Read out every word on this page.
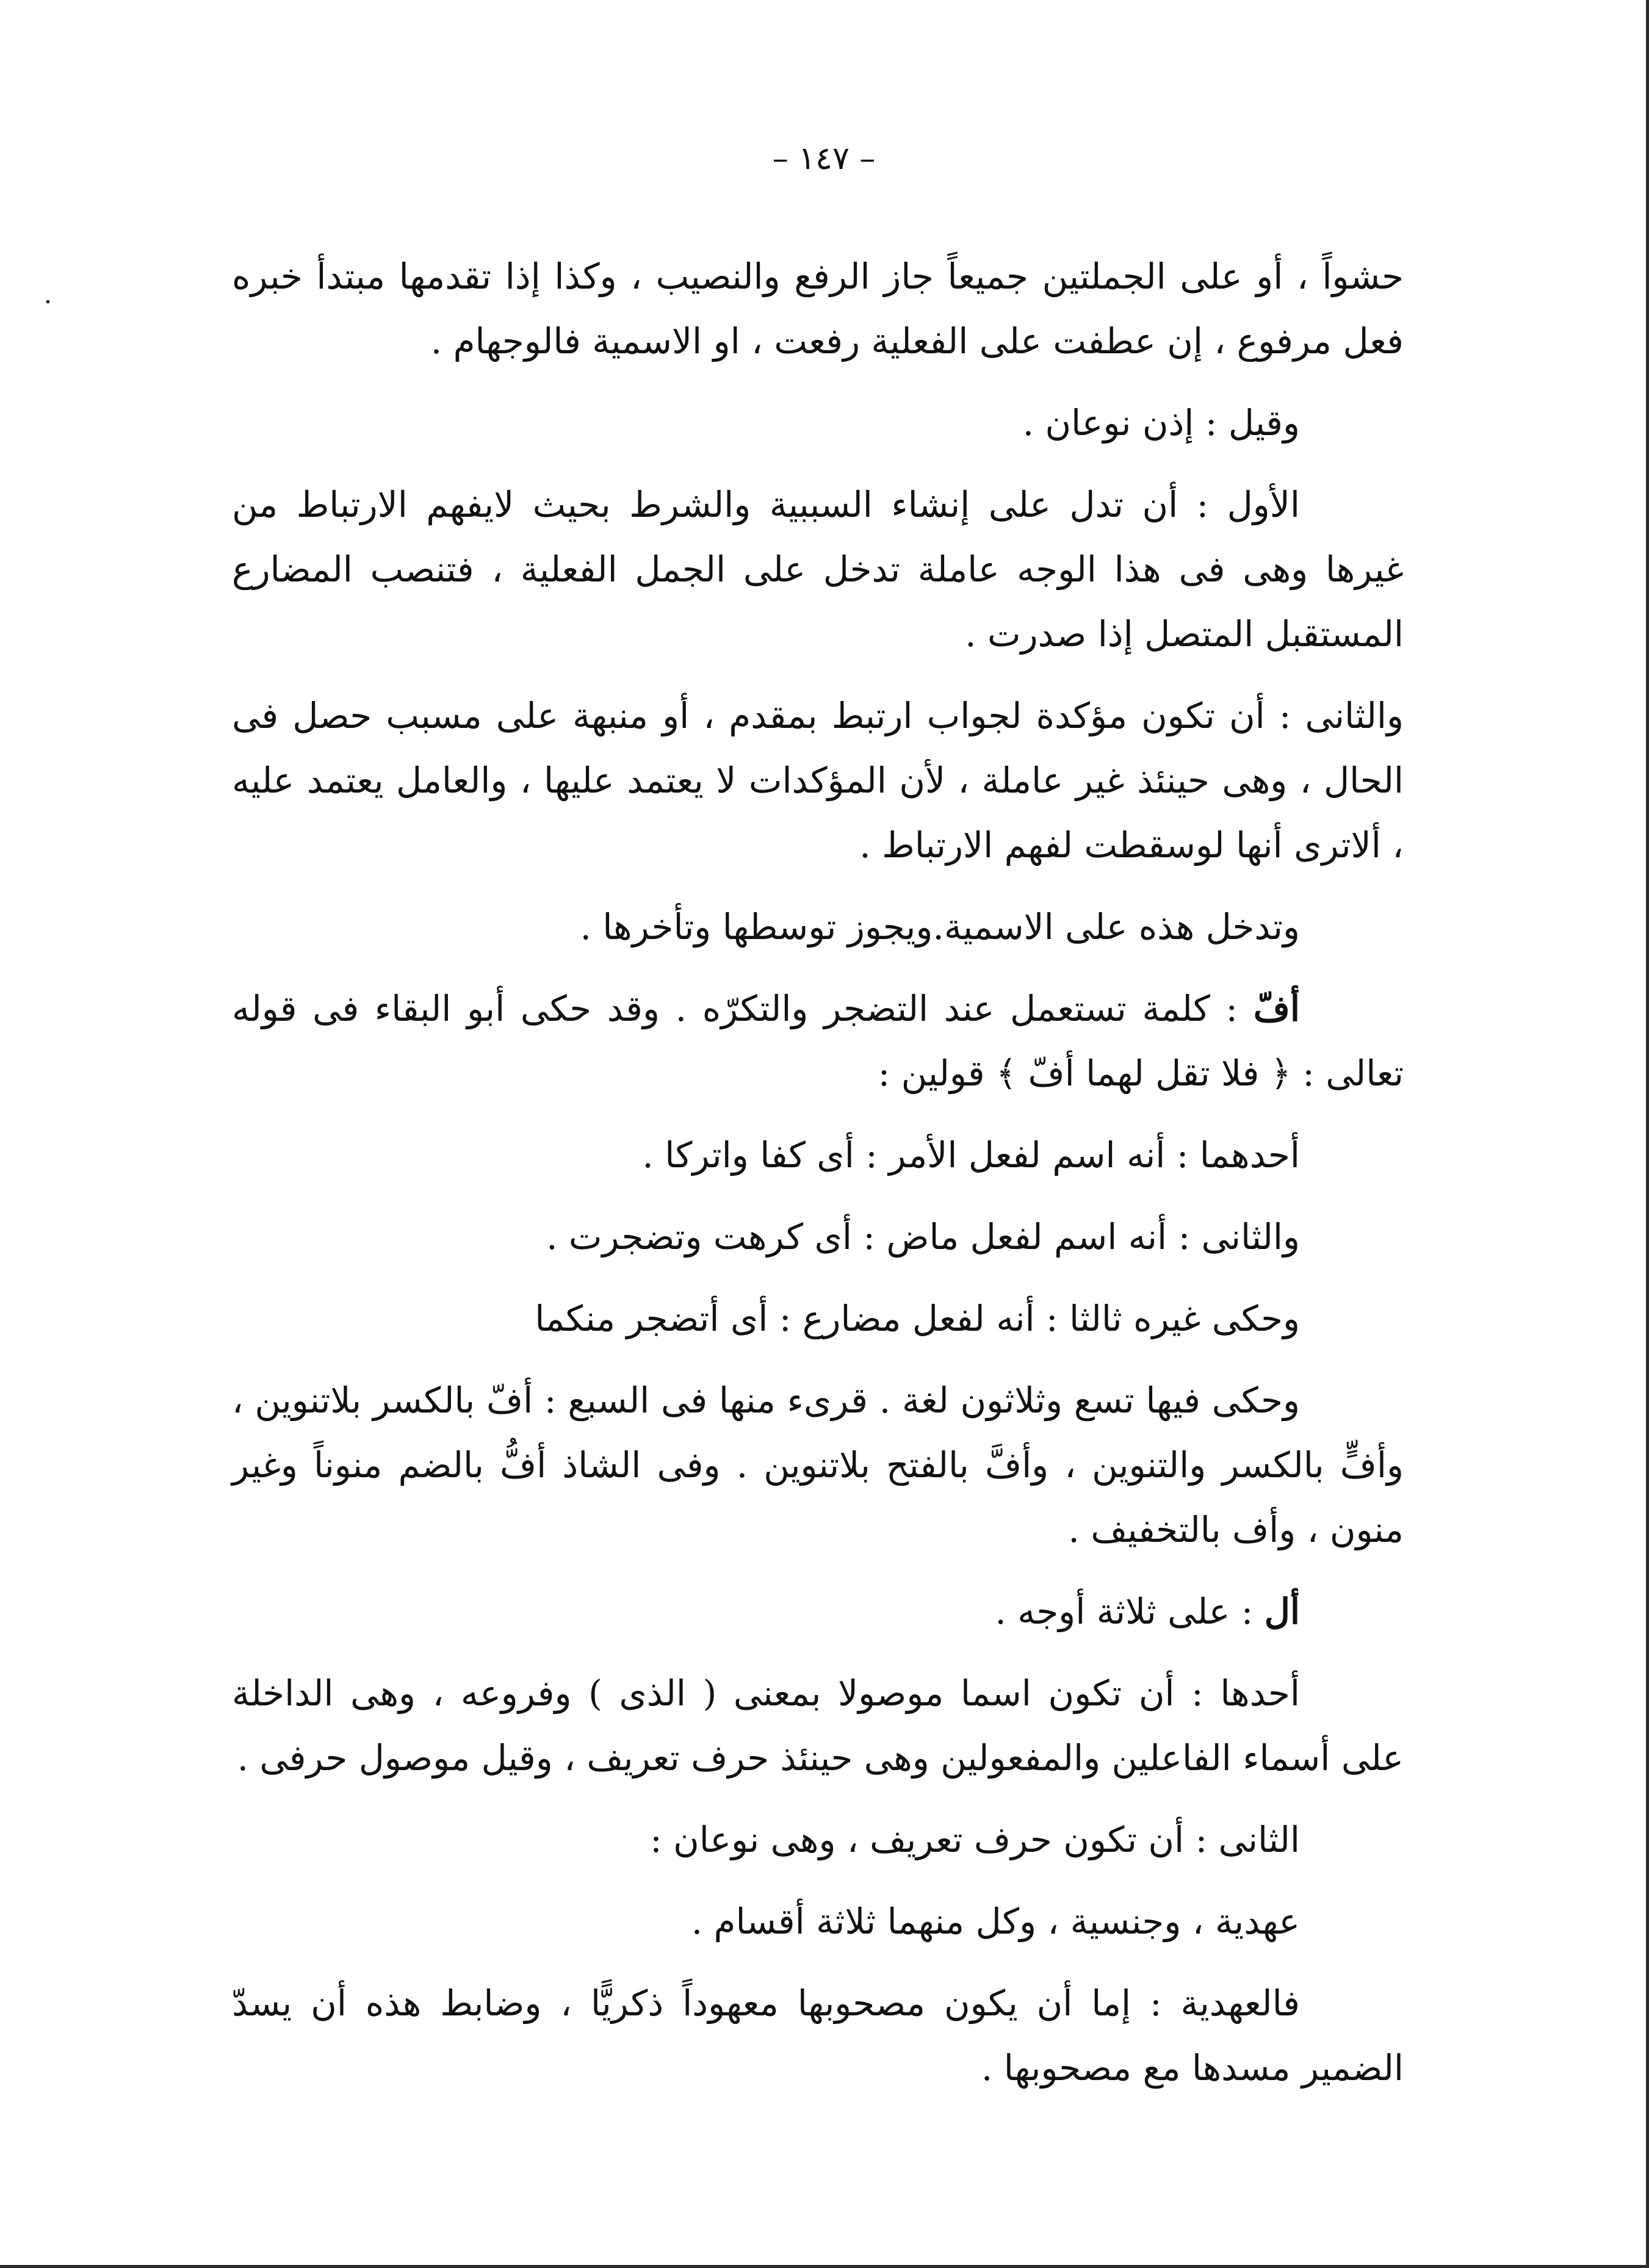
– ١٤٧ –

حشواً ، أو على الجملتين جميعاً جاز الرفع والنصيب ، وكذا إذا تقدمها مبتدأ خبره فعل مرفوع ، إن عطفت على الفعلية رفعت ، او الاسمية فالوجهام .

وقيل : إذن نوعان .

الأول : أن تدل على إنشاء السببية والشرط بحيث لايفهم الارتباط من غيرها وهى فى هذا الوجه عاملة تدخل على الجمل الفعلية ، فتنصب المضارع المستقبل المتصل إذا صدرت .

والثانى : أن تكون مؤكدة لجواب ارتبط بمقدم ، أو منبهة على مسبب حصل فى الحال ، وهى حينئذ غير عاملة ، لأن المؤكدات لا يعتمد عليها ، والعامل يعتمد عليه ، ألاترى أنها لوسقطت لفهم الارتباط .

وتدخل هذه على الاسمية.ويجوز توسطها وتأخرها .

أفّ : كلمة تستعمل عند التضجر والتكرّه . وقد حكى أبو البقاء فى قوله تعالى : ﴿ فلا تقل لهما أفّ ﴾ قولين :

أحدهما : أنه اسم لفعل الأمر : أى كفا واتركا .

والثانى : أنه اسم لفعل ماض : أى كرهت وتضجرت .

وحكى غيره ثالثا : أنه لفعل مضارع : أى أتضجر منكما

وحكى فيها تسع وثلاثون لغة . قرىء منها فى السبع : أفّ بالكسر بلاتنوين ، وأفٍّ بالكسر والتنوين ، وأفَّ بالفتح بلاتنوين . وفى الشاذ أفُّ بالضم منوناً وغير منون ، وأف بالتخفيف .

أل : على ثلاثة أوجه .

أحدها : أن تكون اسما موصولا بمعنى ( الذى ) وفروعه ، وهى الداخلة على أسماء الفاعلين والمفعولين وهى حينئذ حرف تعريف ، وقيل موصول حرفى .

الثانى : أن تكون حرف تعريف ، وهى نوعان :

عهدية ، وجنسية ، وكل منهما ثلاثة أقسام .

فالعهدية : إما أن يكون مصحوبها معهوداً ذكريًّا ، وضابط هذه أن يسدّ الضمير مسدها مع مصحوبها .
